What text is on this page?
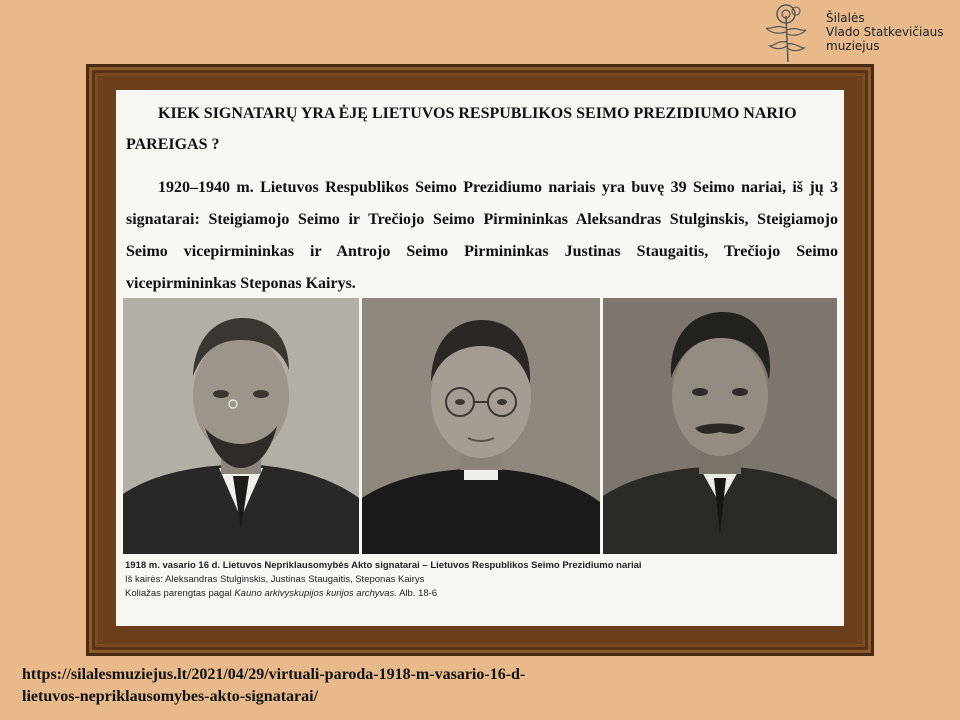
Šilalės
Vlado Statkevičiaus
muziejus

KIEK SIGNATARŲ YRA ĖJĘ LIETUVOS RESPUBLIKOS SEIMO PREZIDIUMO NARIO PAREIGAS ?

1920–1940 m. Lietuvos Respublikos Seimo Prezidiumo nariais yra buvę 39 Seimo nariai, iš jų 3 signatarai: Steigiamojo Seimo ir Trečiojo Seimo Pirmininkas Aleksandras Stulginskis, Steigiamojo Seimo vicepirmininkas ir Antrojo Seimo Pirmininkas Justinas Staugaitis, Trečiojo Seimo vicepirmininkas Steponas Kairys.

1918 m. vasario 16 d. Lietuvos Nepriklausomybės Akto signatarai – Lietuvos Respublikos Seimo Prezidiumo nariai
Iš kairės: Aleksandras Stulginskis, Justinas Staugaitis, Steponas Kairys
Koliažas parengtas pagal Kauno arkivyskupijos kurijos archyvas. Alb. 18-6
https://silalesmuziejus.lt/2021/04/29/virtuali-paroda-1918-m-vasario-16-d-
lietuvos-nepriklausomybes-akto-signatarai/
